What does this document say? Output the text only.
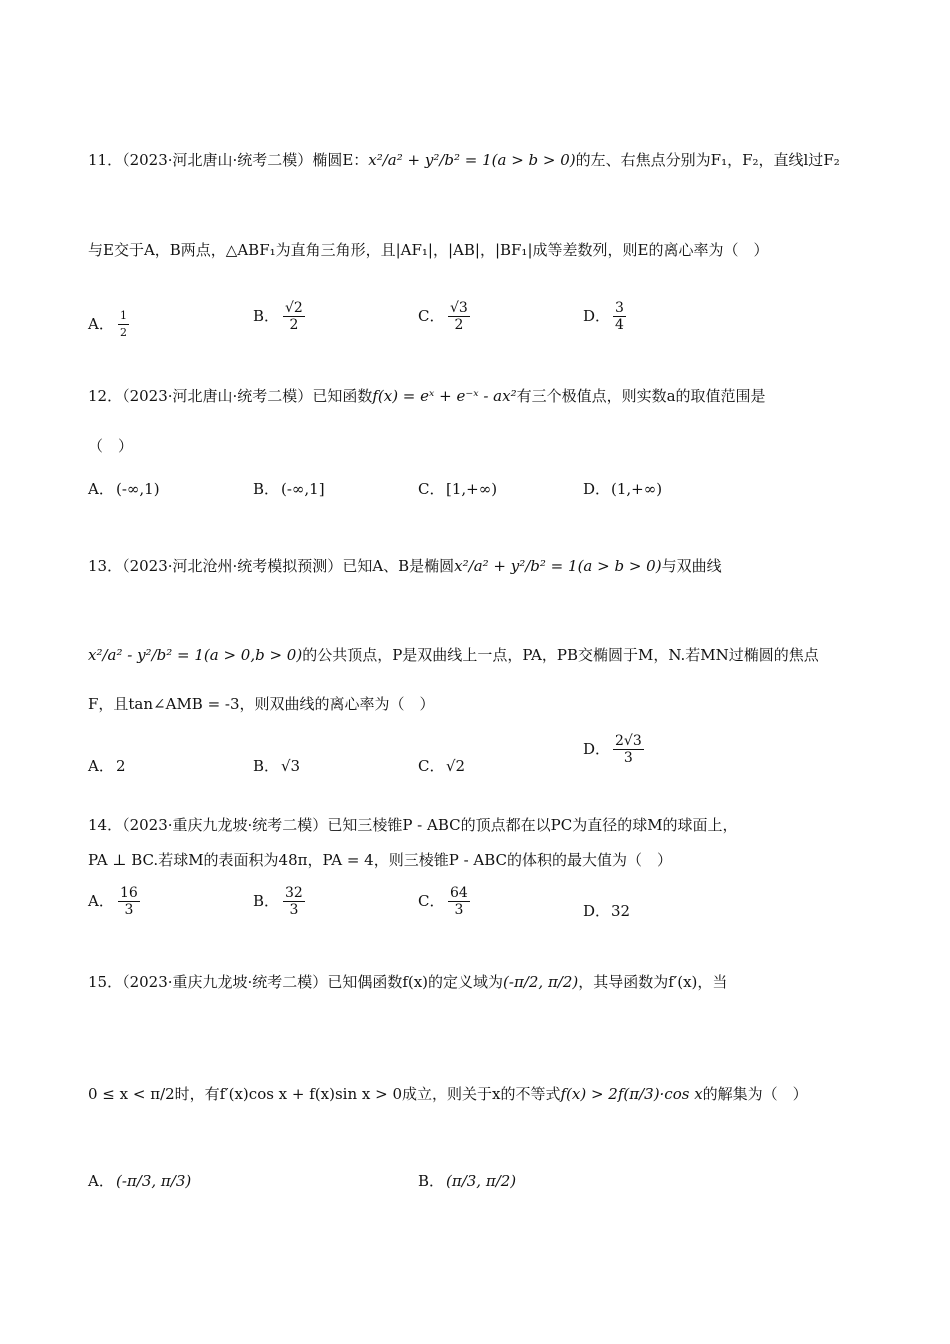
11．（2023·河北唐山·统考二模）椭圆E：x²/a² + y²/b² = 1(a > b > 0)的左、右焦点分别为F₁，F₂，直线l过F₂
与E交于A，B两点，△ABF₁为直角三角形，且|AF₁|，|AB|，|BF₁|成等差数列，则E的离心率为（　）
A． $\frac{1}{2}$	B． $\frac{√2}{2}$	C． $\frac{√3}{2}$	D． $\frac{3}{4}$
12．（2023·河北唐山·统考二模）已知函数f(x) = eˣ + e⁻ˣ - ax²有三个极值点，则实数a的取值范围是
（　）
A． (-∞,1)	B． (-∞,1]	C． [1,+∞)	D．(1,+∞)
13．（2023·河北沧州·统考模拟预测）已知A、B是椭圆x²/a² + y²/b² = 1(a > b > 0)与双曲线
x²/a² - y²/b² = 1(a > 0,b > 0)的公共顶点，P是双曲线上一点，PA，PB交椭圆于M，N.若MN过椭圆的焦点
F，且tan∠AMB = -3，则双曲线的离心率为（　）
A． 2	B． √3	C． √2
D． $\frac{2√3}{3}$
14．（2023·重庆九龙坡·统考二模）已知三棱锥P - ABC的顶点都在以PC为直径的球M的球面上，
PA ⊥ BC.若球M的表面积为48π，PA = 4，则三棱锥P - ABC的体积的最大值为（　）
A． $\frac{16}{3}$	B． $\frac{32}{3}$	C． $\frac{64}{3}$	D．32
15．（2023·重庆九龙坡·统考二模）已知偶函数f(x)的定义域为(-π/2, π/2)，其导函数为f′(x)，当
0 ≤ x < π/2时，有f′(x)cos x + f(x)sin x > 0成立，则关于x的不等式f(x) > 2f(π/3)·cos x的解集为（　）
A． (-π/3, π/3)	B． (π/3, π/2)
